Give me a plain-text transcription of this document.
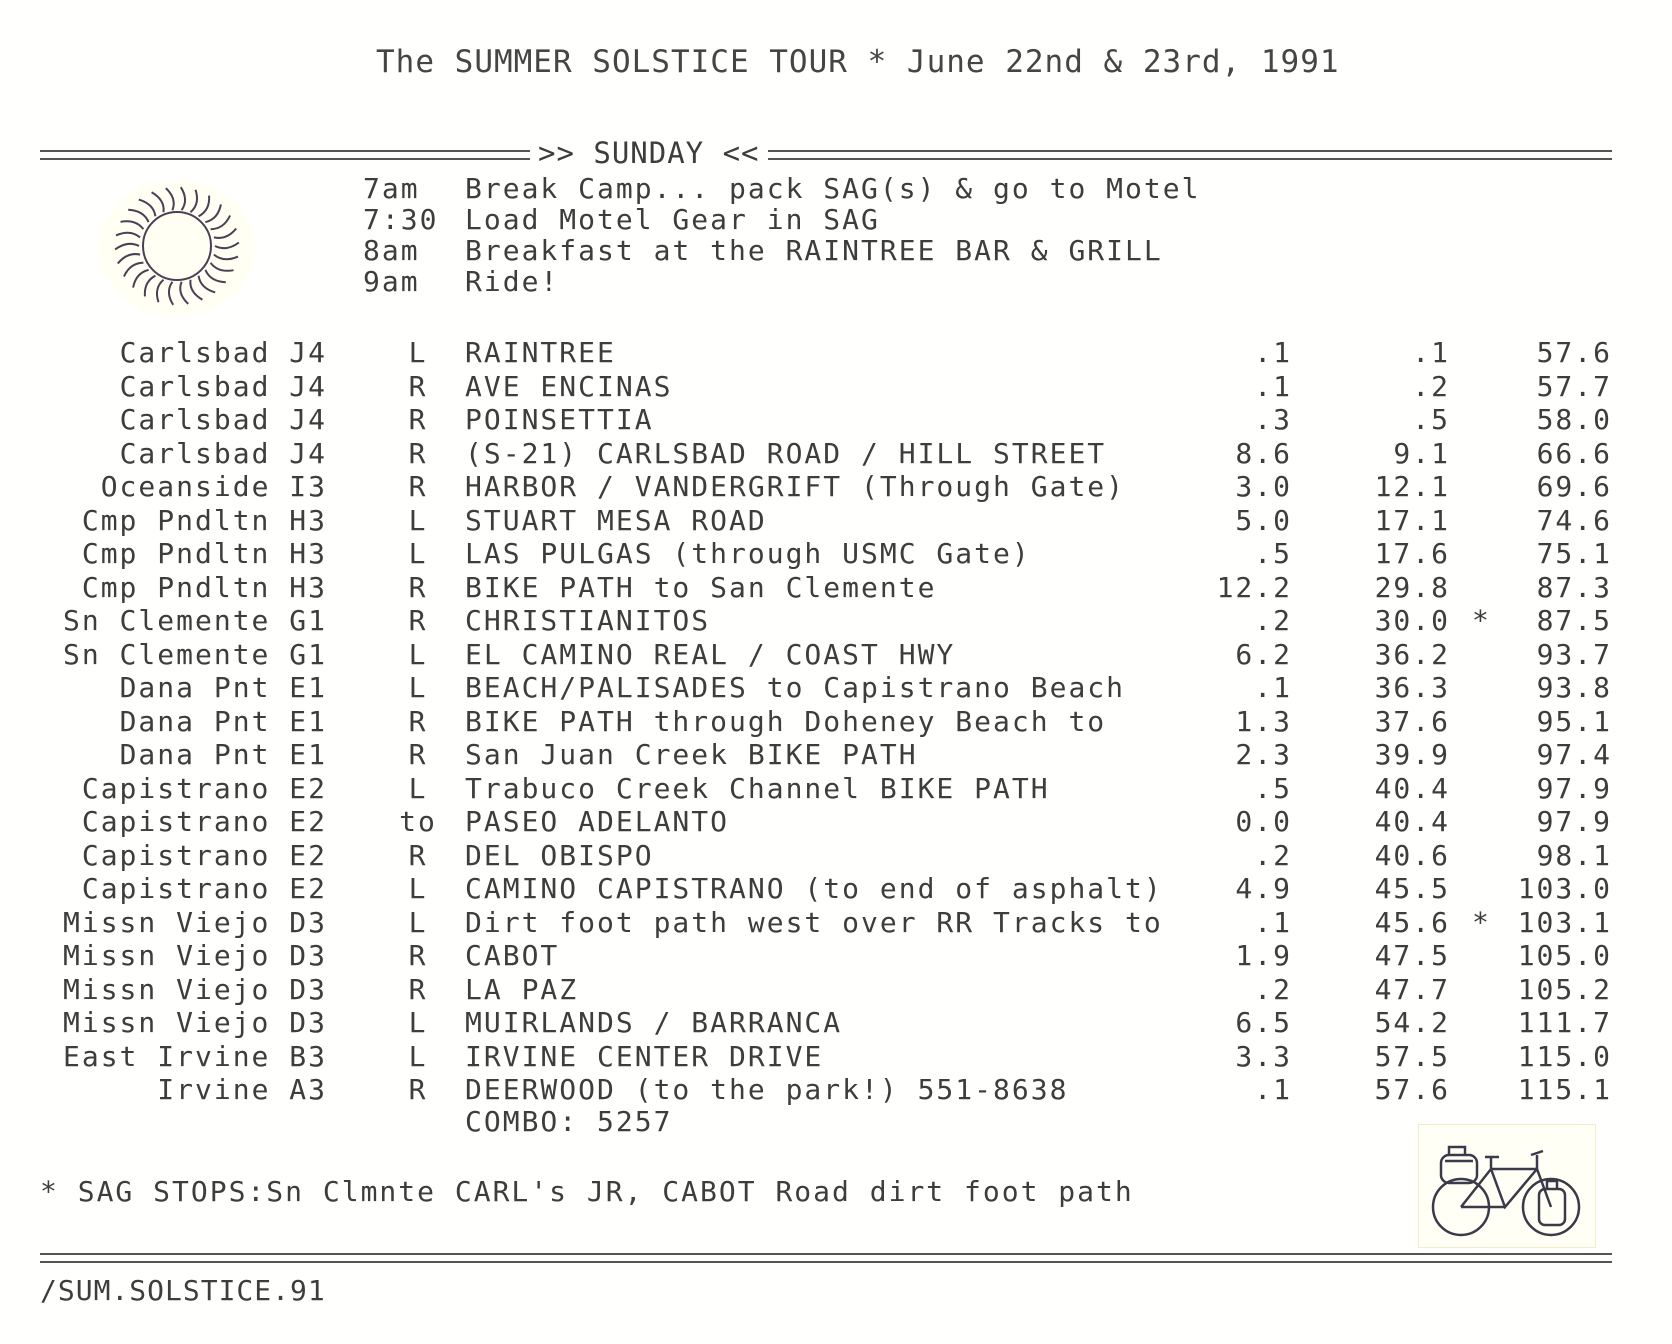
The SUMMER SOLSTICE TOUR * June 22nd & 23rd, 1991
>> SUNDAY <<
7am	Break Camp... pack SAG(s) & go to Motel
7:30 Load Motel Gear in SAG
8am	Breakfast at the RAINTREE BAR & GRILL
9am	Ride!
Carlsbad J4	L	RAINTREE	.1	.1	57.6
Carlsbad J4	R	AVE ENCINAS	.1	.2	57.7
Carlsbad J4	R	POINSETTIA	.3	.5	58.0
Carlsbad J4	R	(S-21) CARLSBAD ROAD / HILL STREET	8.6	9.1	66.6
Oceanside I3	R	HARBOR / VANDERGRIFT (Through Gate)	3.0	12.1	69.6
Cmp Pndltn H3	L	STUART MESA ROAD	5.0	17.1	74.6
Cmp Pndltn H3	L	LAS PULGAS (through USMC Gate)	.5	17.6	75.1
Cmp Pndltn H3	R	BIKE PATH to San Clemente	12.2	29.8	87.3
Sn Clemente G1	R	CHRISTIANITOS	.2	30.0 * 87.5
Sn Clemente G1	L	EL CAMINO REAL / COAST HWY	6.2	36.2	93.7
Dana Pnt E1	L	BEACH/PALISADES to Capistrano Beach	.1	36.3	93.8
Dana Pnt E1	R	BIKE PATH through Doheney Beach to	1.3	37.6	95.1
Dana Pnt E1	R	San Juan Creek BIKE PATH	2.3	39.9	97.4
Capistrano E2	L	Trabuco Creek Channel BIKE PATH	.5	40.4	97.9
Capistrano E2	to	PASEO ADELANTO	0.0	40.4	97.9
Capistrano E2	R	DEL OBISPO	.2	40.6	98.1
Capistrano E2	L	CAMINO CAPISTRANO (to end of asphalt)	4.9	45.5 103.0
Missn Viejo D3	L	Dirt foot path west over RR Tracks to	.1	45.6 * 103.1
Missn Viejo D3	R	CABOT	1.9	47.5 105.0
Missn Viejo D3	R	LA PAZ	.2	47.7 105.2
Missn Viejo D3	L	MUIRLANDS / BARRANCA	6.5	54.2 111.7
East Irvine B3	L	IRVINE CENTER DRIVE	3.3	57.5 115.0
Irvine A3	R	DEERWOOD (to the park!) 551-8638	.1	57.6 115.1
COMBO: 5257
* SAG STOPS:Sn Clmnte CARL's JR, CABOT Road dirt foot path
/SUM.SOLSTICE.91
